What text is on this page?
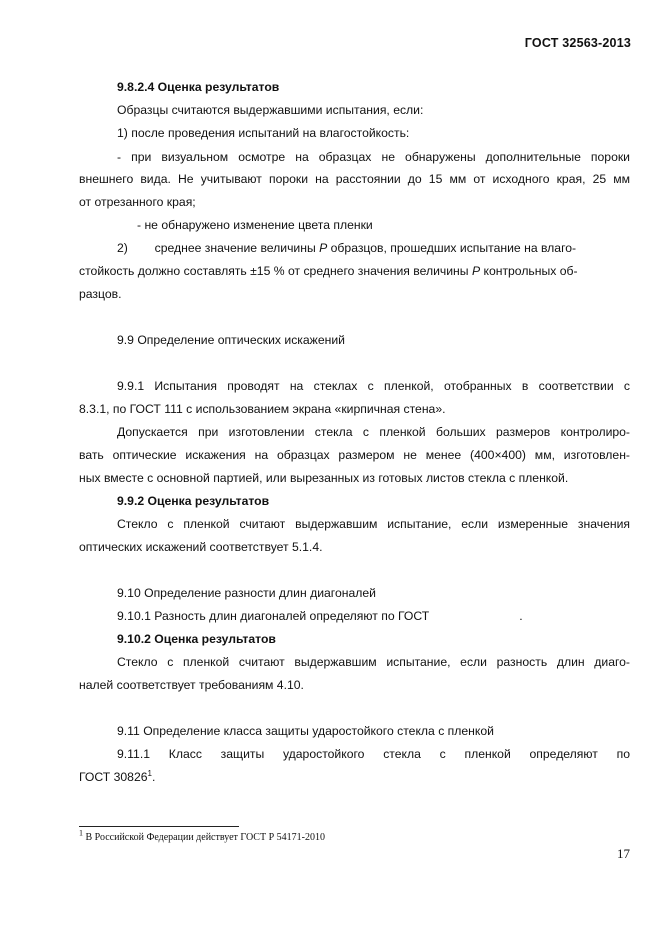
ГОСТ 32563-2013
9.8.2.4 Оценка результатов
Образцы считаются выдержавшими испытания, если:
1) после проведения испытаний на влагостойкость:
- при визуальном осмотре на образцах не обнаружены дополнительные пороки
внешнего вида. Не учитывают пороки на расстоянии до 15 мм от исходного края, 25 мм
от отрезанного края;
- не обнаружено изменение цвета пленки
2) среднее значение величины P образцов, прошедших испытание на влаго-
стойкость должно составлять ±15 % от среднего значения величины P контрольных об-
разцов.
9.9 Определение оптических искажений
9.9.1 Испытания проводят на стеклах с пленкой, отобранных в соответствии с
8.3.1, по ГОСТ 111 с использованием экрана «кирпичная стена».
Допускается при изготовлении стекла с пленкой больших размеров контролиро-
вать оптические искажения на образцах размером не менее (400×400) мм, изготовлен-
ных вместе с основной партией, или вырезанных из готовых листов стекла с пленкой.
9.9.2 Оценка результатов
Стекло с пленкой считают выдержавшим испытание, если измеренные значения
оптических искажений соответствует 5.1.4.
9.10 Определение разности длин диагоналей
9.10.1 Разность длин диагоналей определяют по ГОСТ	.
9.10.2 Оценка результатов
Стекло с пленкой считают выдержавшим испытание, если разность длин диаго-
налей соответствует требованиям 4.10.
9.11 Определение класса защиты ударостойкого стекла с пленкой
9.11.1 Класс защиты ударостойкого стекла с пленкой определяют по
ГОСТ 30826$^1$.
$^1$ В Российской Федерации действует ГОСТ Р 54171-2010
17
